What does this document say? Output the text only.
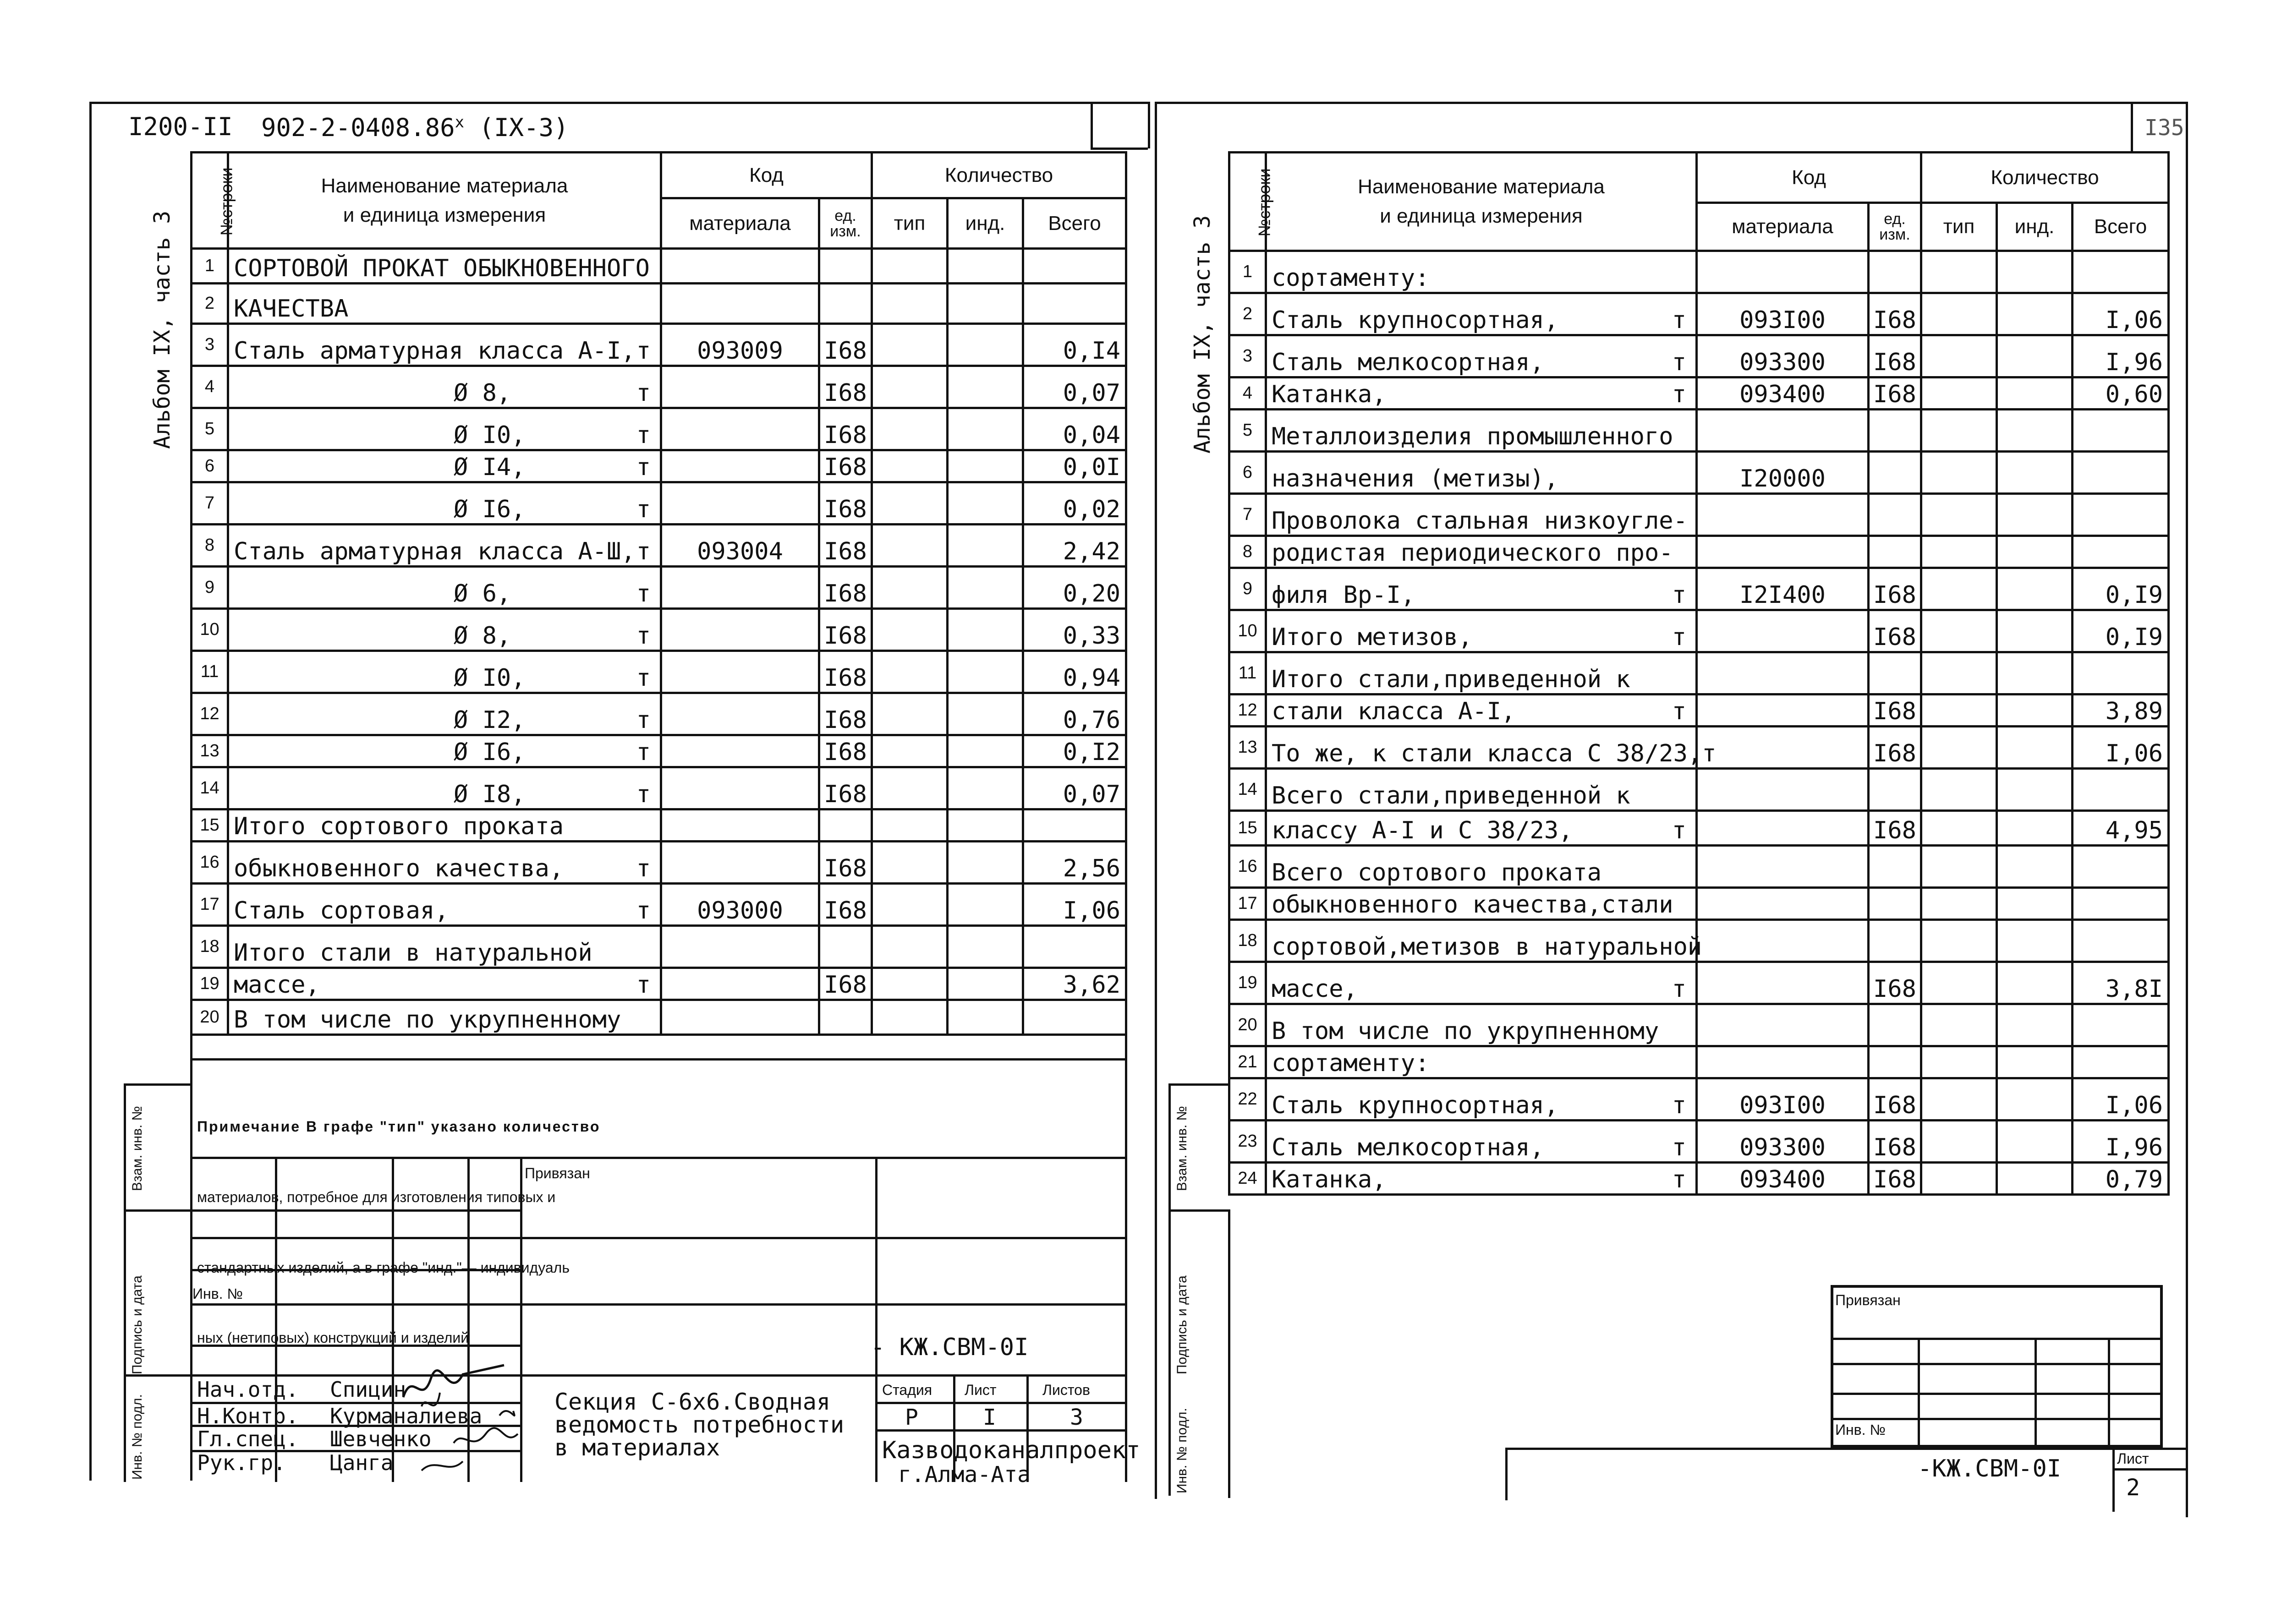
I200-II 902-2-0408.86$^x$ (IX-3)
Альбом IX, часть 3
№строки	Наименование материала
и единица измерения	Код		Количество		
		материала	ед. изм.	тип	инд.	Всего
1	СОРТОВОЙ ПРОКАТ ОБЫКНОВЕННОГО					

2	КАЧЕСТВА					

3	Сталь арматурная класса А-I, т	093009	I68			0,I4
4	Ø 8, т		I68			0,07
5	Ø I0, т		I68			0,04
6	Ø I4, т		I68			0,0I
7	Ø I6, т		I68			0,02
8	Сталь арматурная класса А-Ш, т	093004	I68			2,42
9	Ø 6, т		I68			0,20
10	Ø 8, т		I68			0,33
11	Ø I0, т		I68			0,94
12	Ø I2, т		I68			0,76
13	Ø I6, т		I68			0,I2
14	Ø I8, т		I68			0,07
15	Итого сортового проката					

16	обыкновенного качества, т		I68			2,56
17	Сталь сортовая, т	093000	I68			I,06
18	Итого стали в натуральной					

19	массе, т		I68			3,62
20	В том числе по укрупненному					

Примечание В графе "тип" указано количество

материалов, потребное для изготовления типовых и

стандартных изделий, а в графе "инд."— индивидуаль

ных (нетиповых) конструкций и изделий

Привязан
Инв. №
- КЖ.СВМ-0I
Нач.отд.
Н.Контр.
Гл.спец.
Рук.гр.
Спицин
Курманалиева
Шевченко
Цанга
Секция С-6х6.Сводная
ведомость потребности
в материалах
Стадия Лист	Листов
Р	I	3
Казводоканалпроект
г.Алма-Ата
Взам. инв. №
Подпись и дата
Инв. № подл.
I35
Альбом IX, часть 3
№строки	Наименование материала
и единица измерения	Код		Количество		
		материала	ед. изм.	тип	инд.	Всего
1	сортаменту:					

2	Сталь крупносортная, т	093I00	I68			I,06
3	Сталь мелкосортная, т	093300	I68			I,96
4	Катанка, т	093400	I68			0,60
5	Металлоизделия промышленного					

6	назначения (метизы),	I20000				
7	Проволока стальная низкоугле-					

8	родистая периодического про-					

9	филя Вр-I, т	I2I400	I68			0,I9
10	Итого метизов, т		I68			0,I9
11	Итого стали,приведенной к					

12	стали класса А-I, т		I68			3,89
13	То же, к стали класса С 38/23, т		I68			I,06
14	Всего стали,приведенной к					

15	классу А-I и С 38/23, т		I68			4,95
16	Всего сортового проката					

17	обыкновенного качества,стали					

18	сортовой,метизов в натуральной					

19	массе, т		I68			3,8I
20	В том числе по укрупненному					

21	сортаменту:					

22	Сталь крупносортная, т	093I00	I68			I,06
23	Сталь мелкосортная, т	093300	I68			I,96
24	Катанка, т	093400	I68			0,79
Взам. инв. №
Подпись и дата
Инв. № подл.
Привязан
Инв. №
-КЖ.СВМ-0I	Лист
2
